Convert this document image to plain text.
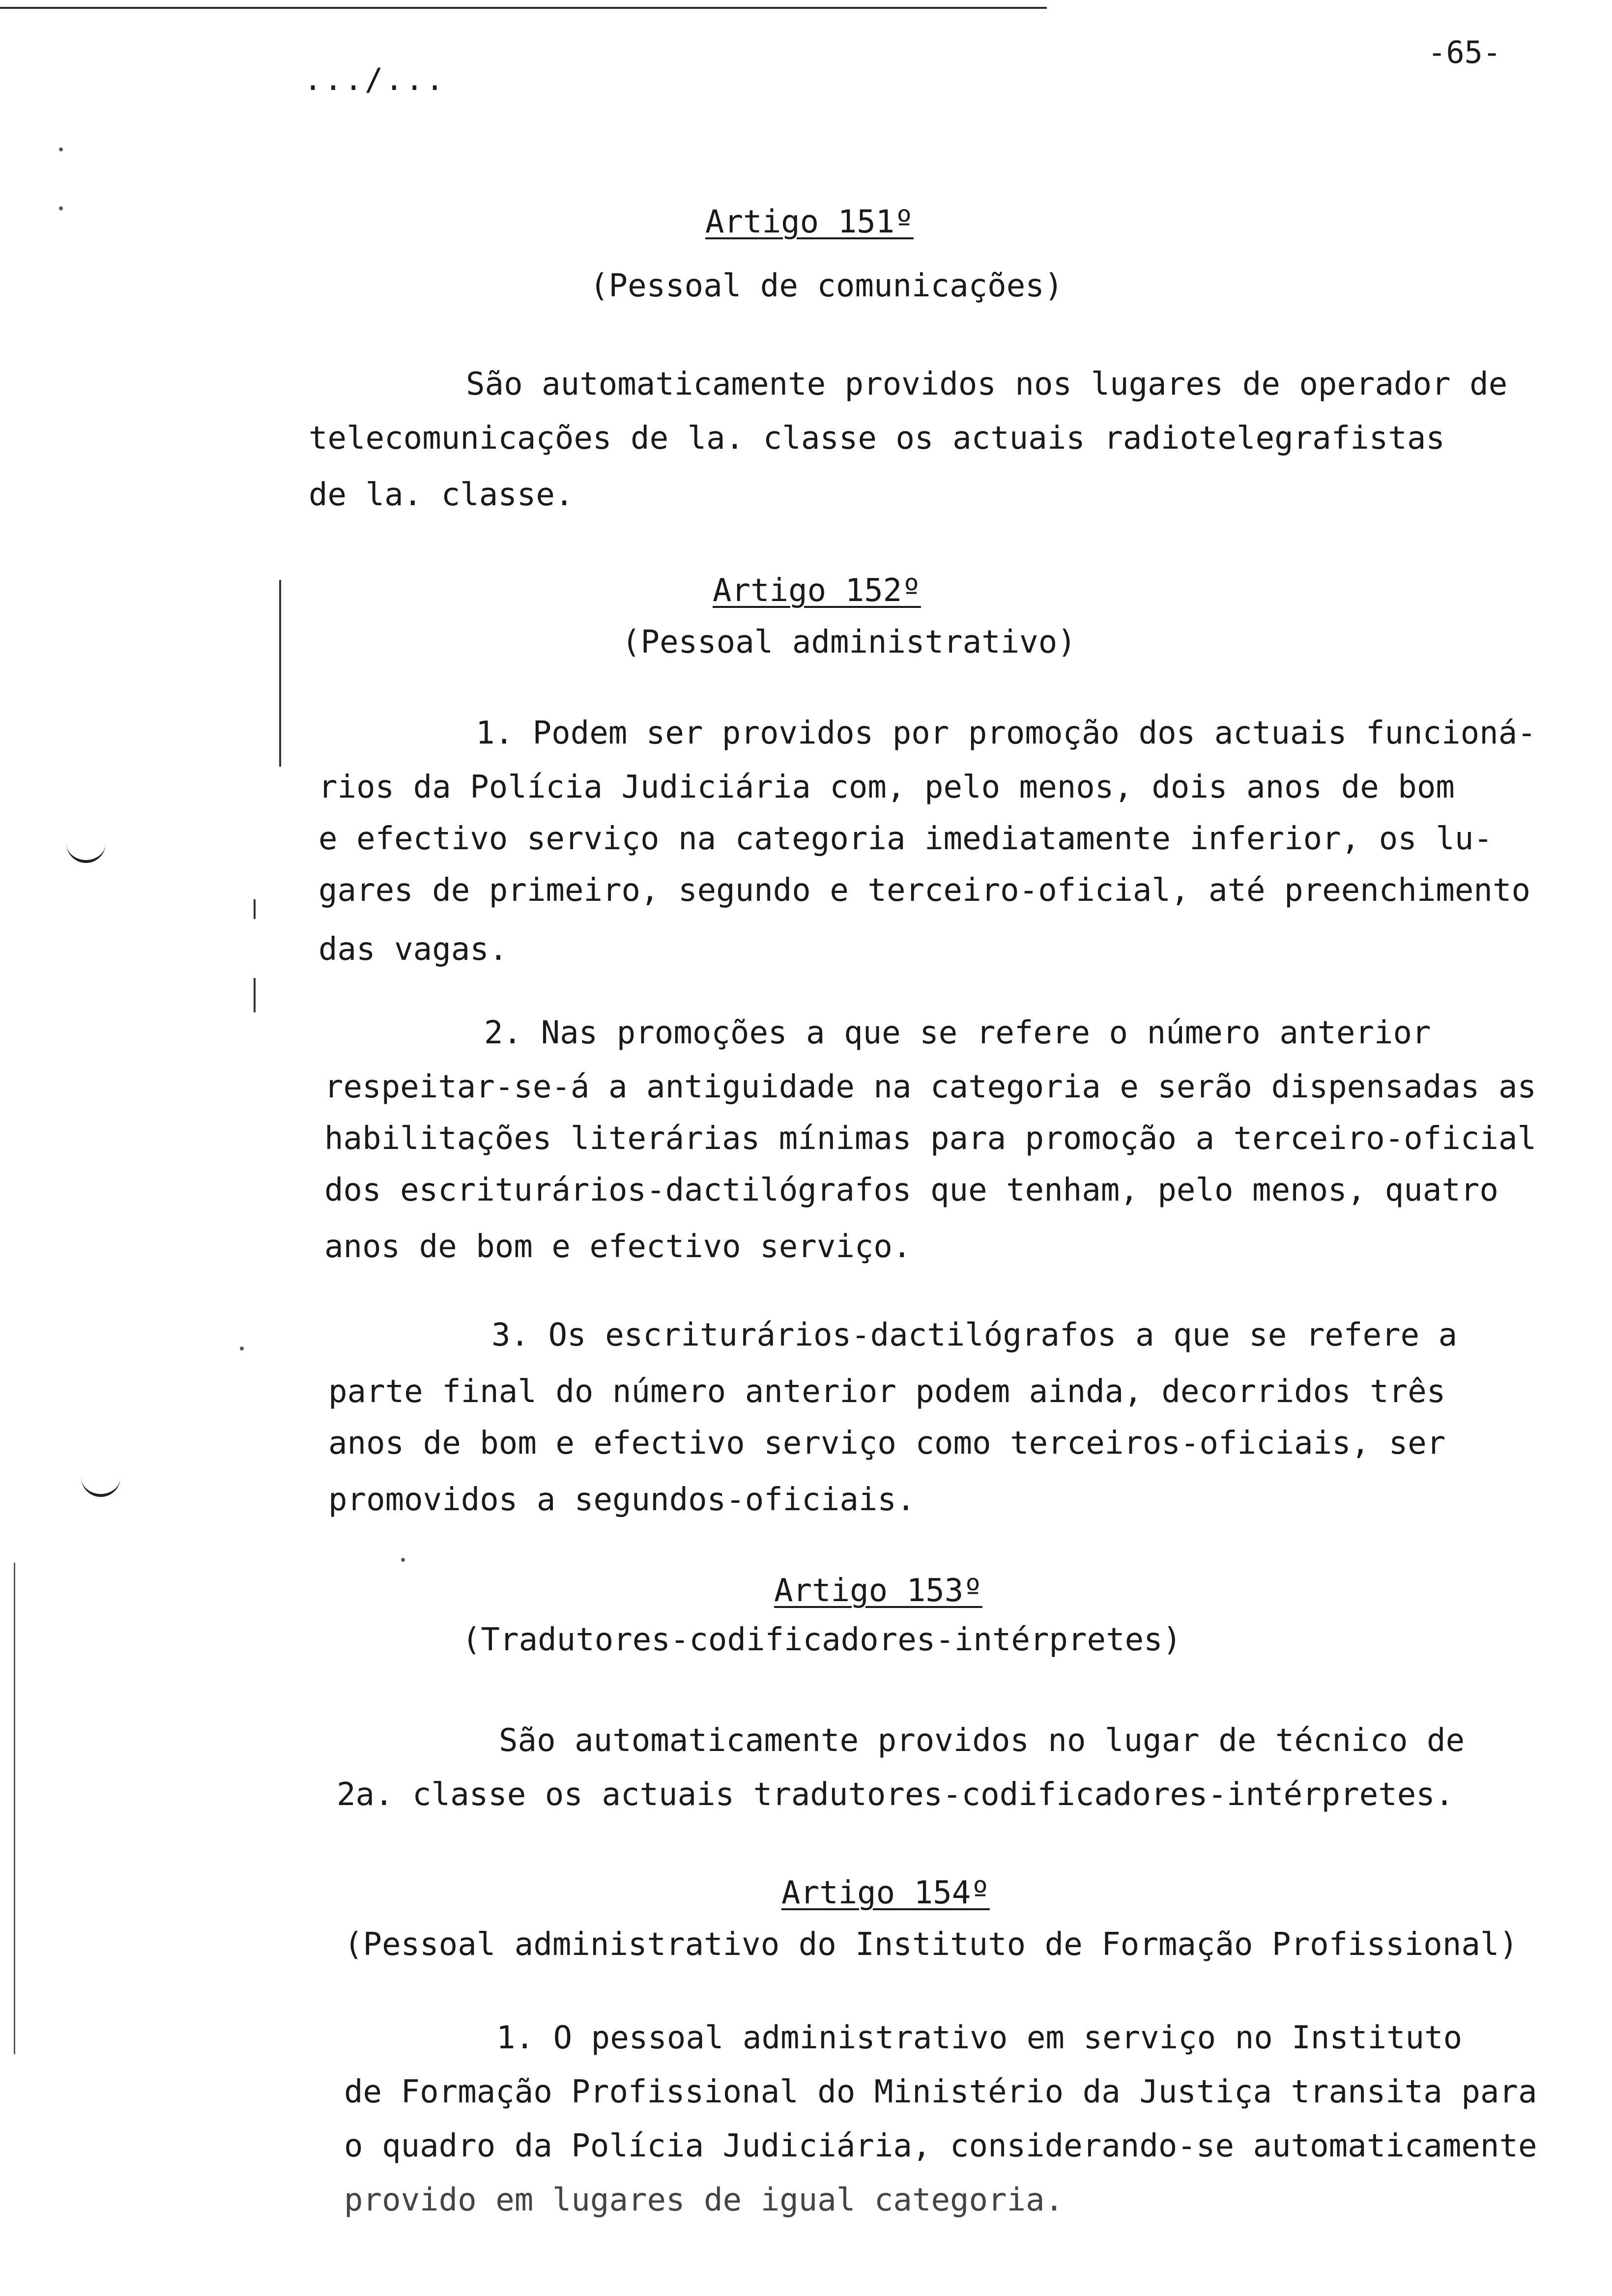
-65-
.../...
Artigo 151º
(Pessoal de comunicações)
São automaticamente providos nos lugares de operador de
telecomunicações de la. classe os actuais radiotelegrafistas
de la. classe.
Artigo 152º
(Pessoal administrativo)
1. Podem ser providos por promoção dos actuais funcioná-
rios da Polícia Judiciária com, pelo menos, dois anos de bom
e efectivo serviço na categoria imediatamente inferior, os lu-
gares de primeiro, segundo e terceiro-oficial, até preenchimento
das vagas.
2. Nas promoções a que se refere o número anterior
respeitar-se-á a antiguidade na categoria e serão dispensadas as
habilitações literárias mínimas para promoção a terceiro-oficial
dos escriturários-dactilógrafos que tenham, pelo menos, quatro
anos de bom e efectivo serviço.
3. Os escriturários-dactilógrafos a que se refere a
parte final do número anterior podem ainda, decorridos três
anos de bom e efectivo serviço como terceiros-oficiais, ser
promovidos a segundos-oficiais.
Artigo 153º
(Tradutores-codificadores-intérpretes)
São automaticamente providos no lugar de técnico de
2a. classe os actuais tradutores-codificadores-intérpretes.
Artigo 154º
(Pessoal administrativo do Instituto de Formação Profissional)
1. O pessoal administrativo em serviço no Instituto
de Formação Profissional do Ministério da Justiça transita para
o quadro da Polícia Judiciária, considerando-se automaticamente
provido em lugares de igual categoria.
